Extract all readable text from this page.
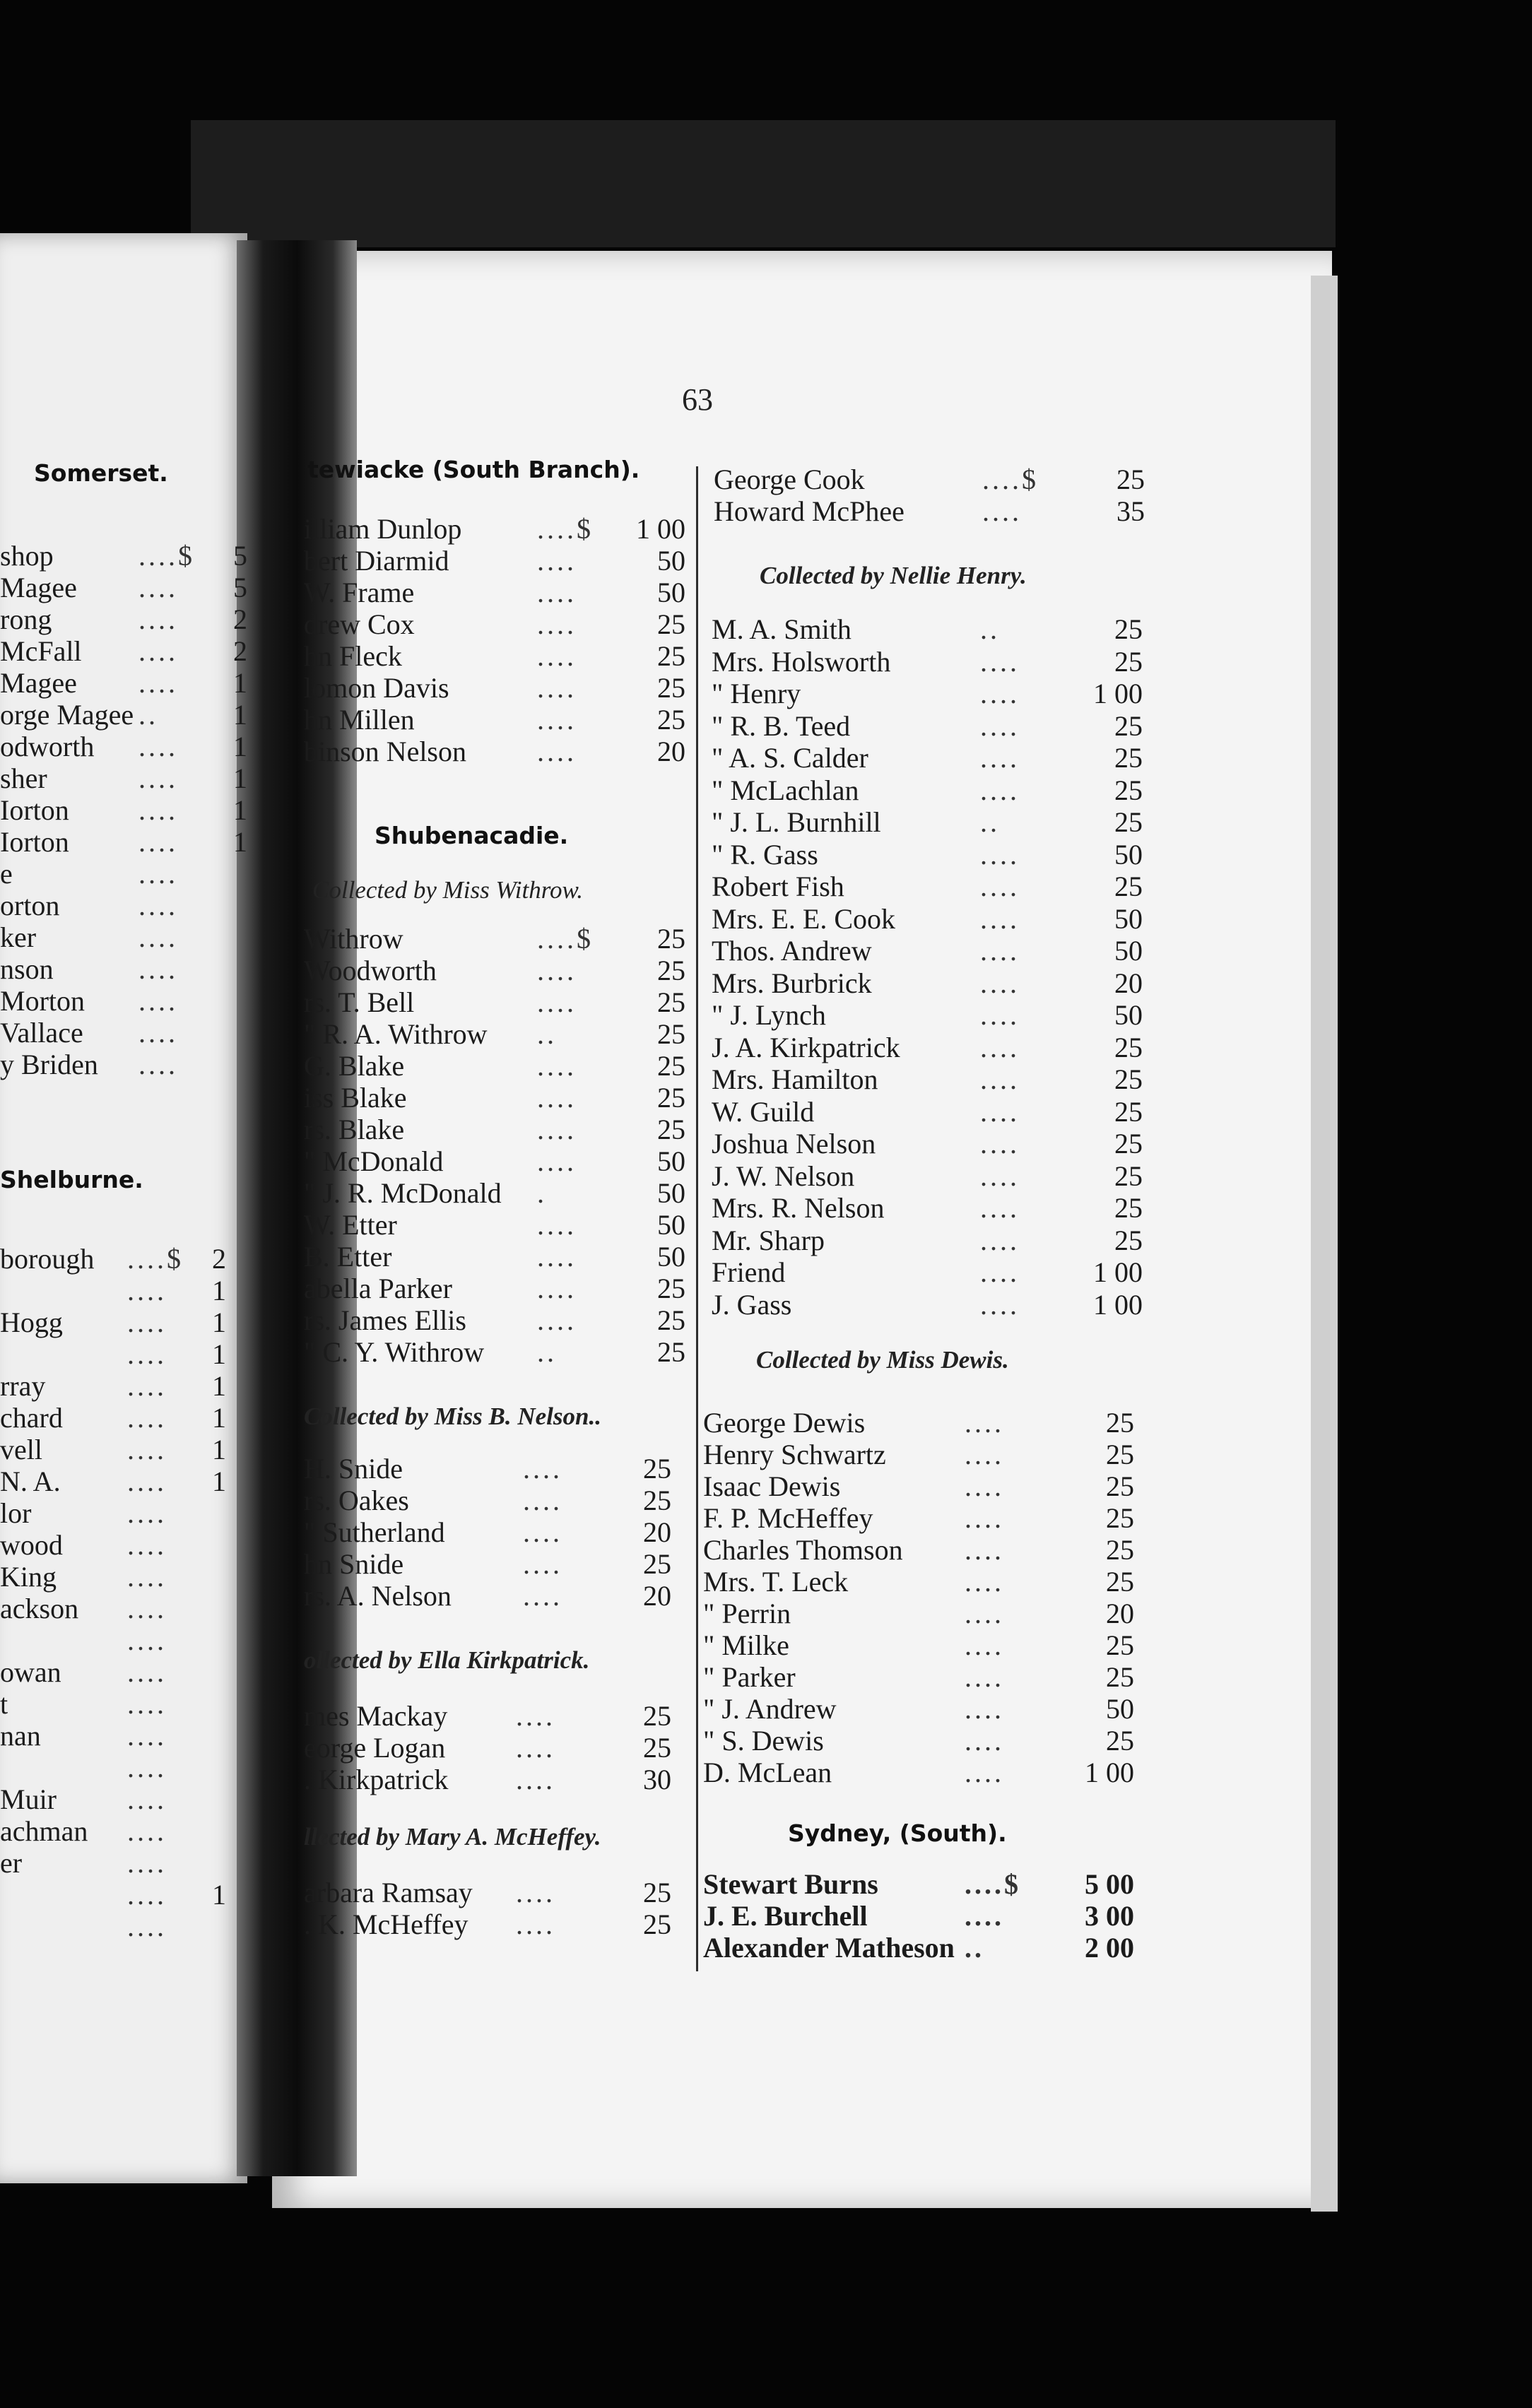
63
Somerset.
shop	....$ 5
Magee .... 5
rong	.... 2
McFall .... 2
Magee .... 1
orge Magee ..	1
odworth .... 1
sher	.... 1
Iorton .... 1
Iorton .... 1
e	....
orton	....
ker	....
nson	....
Morton ....
Vallace ....
y Briden ....
Shelburne.
borough ....$ 2
.... 1
Hogg .... 1
.... 1
rray	.... 1
chard .... 1
vell	.... 1
N. A. .... 1
lor	....
wood ....
King	....
ackson ....
....
owan ....
t	....
nan	....
....
Muir	....
achman ....
er	....
.... 1
....
tewiacke (South Branch).
illiam Dunlop	....$	1 00
bert Diarmid	....	50
W. Frame	....	50
drew Cox	....	25
hn Fleck	....	25
lomon Davis	....	25
hn Millen	....	25
binson Nelson	....	20
Shubenacadie.
Collected by Miss Withrow.
Withrow	....$	25
Woodworth	....	25
rs. T. Bell	....	25
" R. A. Withrow ..	25
G. Blake	....	25
iss Blake	....	25
rs. Blake	....	25
" McDonald	....	50
" J. R. McDonald .	50
W. Etter	....	50
B. Etter	....	50
abella Parker	....	25
rs. James Ellis	....	25
" C. Y. Withrow ..	25
Collected by Miss B. Nelson..
H. Snide	....	25
rs. Oakes	....	25
" Sutherland	....	20
hn Snide	....	25
rs. A. Nelson	....	20
ollected by Ella Kirkpatrick.
mes Mackay ....	25
eorge Logan ....	25
. Kirkpatrick ....	30
llected by Mary A. McHeffey.
arbara Ramsay ....	25
. K. McHeffey ....	25
George Cook	....$	25
Howard McPhee	....	35
Collected by Nellie Henry.
M. A. Smith	..	25
Mrs. Holsworth	....	25
" Henry	....	1 00
" R. B. Teed	....	25
" A. S. Calder	....	25
" McLachlan	....	25
" J. L. Burnhill	..	25
" R. Gass	....	50
Robert Fish	....	25
Mrs. E. E. Cook	....	50
Thos. Andrew	....	50
Mrs. Burbrick	....	20
" J. Lynch	....	50
J. A. Kirkpatrick	....	25
Mrs. Hamilton	....	25
W. Guild	....	25
Joshua Nelson	....	25
J. W. Nelson	....	25
Mrs. R. Nelson	....	25
Mr. Sharp	....	25
Friend	....	1 00
J. Gass	....	1 00
Collected by Miss Dewis.
George Dewis	....	25
Henry Schwartz	....	25
Isaac Dewis	....	25
F. P. McHeffey	....	25
Charles Thomson ....	25
Mrs. T. Leck	....	25
" Perrin	....	20
" Milke	....	25
" Parker	....	25
" J. Andrew	....	50
" S. Dewis	....	25
D. McLean	....	1 00
Sydney, (South).
Stewart Burns	....$	5 00
J. E. Burchell	....	3 00
Alexander Matheson ..	2 00
